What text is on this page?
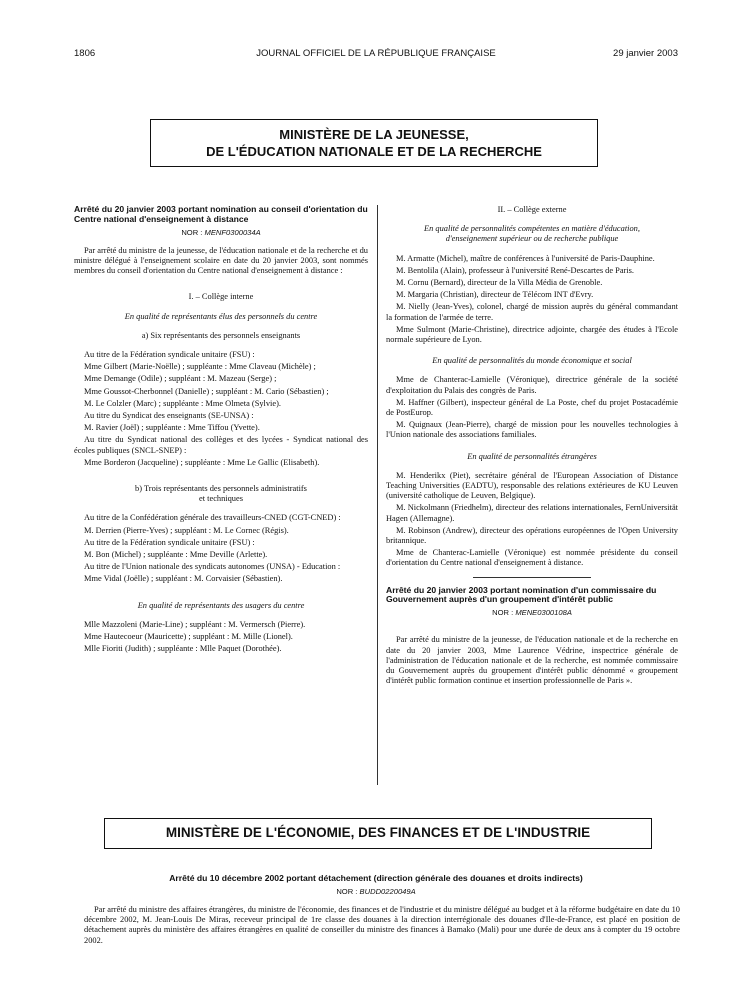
1806	JOURNAL OFFICIEL DE LA RÉPUBLIQUE FRANÇAISE	29 janvier 2003
MINISTÈRE DE LA JEUNESSE,
DE L'ÉDUCATION NATIONALE ET DE LA RECHERCHE
Arrêté du 20 janvier 2003 portant nomination au conseil d'orientation du Centre national d'enseignement à distance
NOR : MENF0300034A

Par arrêté du ministre de la jeunesse, de l'éducation nationale et de la recherche et du ministre délégué à l'enseignement scolaire en date du 20 janvier 2003, sont nommés membres du conseil d'orientation du Centre national d'enseignement à distance :

I. – Collège interne
En qualité de représentants élus des personnels du centre
a) Six représentants des personnels enseignants

Au titre de la Fédération syndicale unitaire (FSU) :

Mme Gilbert (Marie-Noëlle) ; suppléante : Mme Claveau (Michèle) ;

Mme Demange (Odile) ; suppléant : M. Mazeau (Serge) ;

Mme Goussot-Cherbonnel (Danielle) ; suppléant : M. Cario (Sébastien) ;

M. Le Colzler (Marc) ; suppléante : Mme Olmeta (Sylvie).

Au titre du Syndicat des enseignants (SE-UNSA) :

M. Ravier (Joël) ; suppléante : Mme Tiffou (Yvette).

Au titre du Syndicat national des collèges et des lycées - Syndicat national des écoles publiques (SNCL-SNEP) :

Mme Borderon (Jacqueline) ; suppléante : Mme Le Gallic (Elisabeth).

b) Trois représentants des personnels administratifs
et techniques

Au titre de la Confédération générale des travailleurs-CNED (CGT-CNED) :

M. Derrien (Pierre-Yves) ; suppléant : M. Le Cornec (Régis).

Au titre de la Fédération syndicale unitaire (FSU) :

M. Bon (Michel) ; suppléante : Mme Deville (Arlette).

Au titre de l'Union nationale des syndicats autonomes (UNSA) - Education :

Mme Vidal (Joëlle) ; suppléant : M. Corvaisier (Sébastien).

En qualité de représentants des usagers du centre

Mlle Mazzoleni (Marie-Line) ; suppléant : M. Vermersch (Pierre).

Mme Hautecoeur (Mauricette) ; suppléant : M. Mille (Lionel).

Mlle Fioriti (Judith) ; suppléante : Mlle Paquet (Dorothée).

II. – Collège externe
En qualité de personnalités compétentes en matière d'éducation,
d'enseignement supérieur ou de recherche publique

M. Armatte (Michel), maître de conférences à l'université de Paris-Dauphine.

M. Bentolila (Alain), professeur à l'université René-Descartes de Paris.

M. Cornu (Bernard), directeur de la Villa Média de Grenoble.

M. Margaria (Christian), directeur de Télécom INT d'Evry.

M. Nielly (Jean-Yves), colonel, chargé de mission auprès du général commandant la formation de l'armée de terre.

Mme Sulmont (Marie-Christine), directrice adjointe, chargée des études à l'Ecole normale supérieure de Lyon.

En qualité de personnalités du monde économique et social

Mme de Chanterac-Lamielle (Véronique), directrice générale de la société d'exploitation du Palais des congrès de Paris.

M. Haffner (Gilbert), inspecteur général de La Poste, chef du projet Postacadémie de PostEurop.

M. Quignaux (Jean-Pierre), chargé de mission pour les nouvelles technologies à l'Union nationale des associations familiales.

En qualité de personnalités étrangères

M. Henderikx (Piet), secrétaire général de l'European Association of Distance Teaching Universities (EADTU), responsable des relations extérieures de KU Leuven (université catholique de Leuven, Belgique).

M. Nickolmann (Friedhelm), directeur des relations internationales, FernUniversität Hagen (Allemagne).

M. Robinson (Andrew), directeur des opérations européennes de l'Open University britannique.

Mme de Chanterac-Lamielle (Véronique) est nommée présidente du conseil d'orientation du Centre national d'enseignement à distance.

Arrêté du 20 janvier 2003 portant nomination d'un commissaire du Gouvernement auprès d'un groupement d'intérêt public
NOR : MENE0300108A

Par arrêté du ministre de la jeunesse, de l'éducation nationale et de la recherche en date du 20 janvier 2003, Mme Laurence Védrine, inspectrice générale de l'administration de l'éducation nationale et de la recherche, est nommée commissaire du Gouvernement auprès du groupement d'intérêt public dénommé « groupement d'intérêt public formation continue et insertion professionnelle de Paris ».

MINISTÈRE DE L'ÉCONOMIE, DES FINANCES ET DE L'INDUSTRIE
Arrêté du 10 décembre 2002 portant détachement (direction générale des douanes et droits indirects)
NOR : BUDD0220049A

Par arrêté du ministre des affaires étrangères, du ministre de l'économie, des finances et de l'industrie et du ministre délégué au budget et à la réforme budgétaire en date du 10 décembre 2002, M. Jean-Louis De Miras, receveur principal de 1re classe des douanes à la direction interrégionale des douanes d'Ile-de-France, est placé en position de détachement auprès du ministère des affaires étrangères en qualité de conseiller du ministre des finances à Bamako (Mali) pour une durée de deux ans à compter du 19 octobre 2002.
